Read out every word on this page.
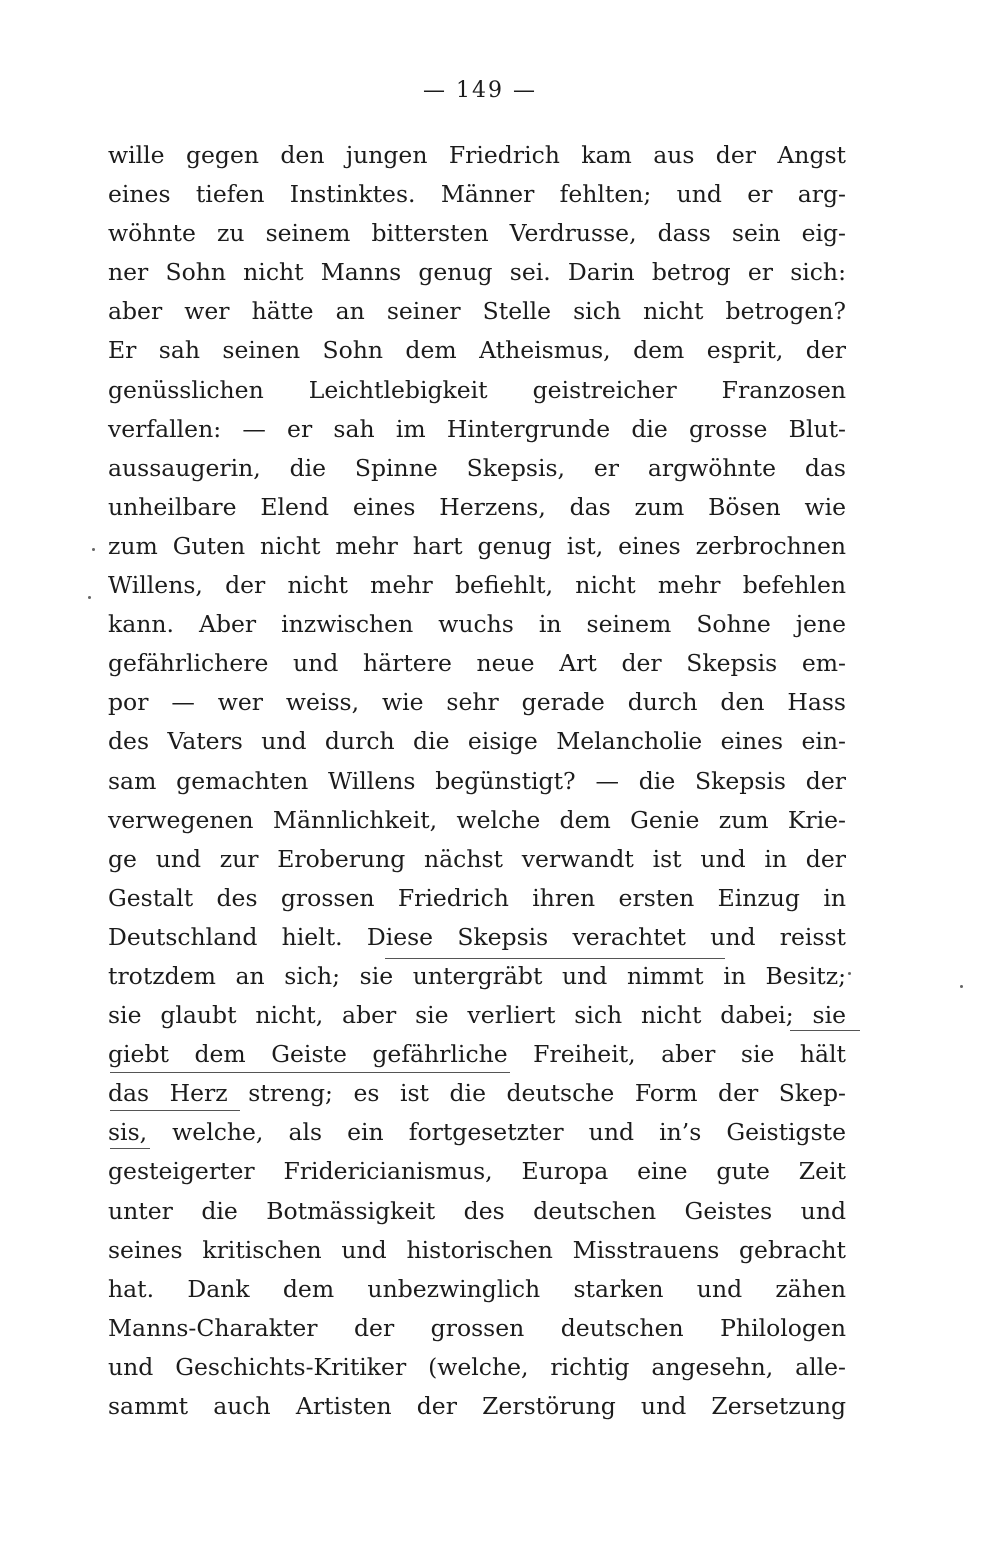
— 149 —
wille gegen den jungen Friedrich kam aus der Angst
eines tiefen Instinktes. Männer fehlten; und er arg-
wöhnte zu seinem bittersten Verdrusse, dass sein eig-
ner Sohn nicht Manns genug sei. Darin betrog er sich:
aber wer hätte an seiner Stelle sich nicht betrogen?
Er sah seinen Sohn dem Atheismus, dem esprit, der
genüsslichen Leichtlebigkeit geistreicher Franzosen
verfallen: — er sah im Hintergrunde die grosse Blut-
aussaugerin, die Spinne Skepsis, er argwöhnte das
unheilbare Elend eines Herzens, das zum Bösen wie
zum Guten nicht mehr hart genug ist, eines zerbrochnen
Willens, der nicht mehr befiehlt, nicht mehr befehlen
kann. Aber inzwischen wuchs in seinem Sohne jene
gefährlichere und härtere neue Art der Skepsis em-
por — wer weiss, wie sehr gerade durch den Hass
des Vaters und durch die eisige Melancholie eines ein-
sam gemachten Willens begünstigt? — die Skepsis der
verwegenen Männlichkeit, welche dem Genie zum Krie-
ge und zur Eroberung nächst verwandt ist und in der
Gestalt des grossen Friedrich ihren ersten Einzug in
Deutschland hielt. Diese Skepsis verachtet und reisst
trotzdem an sich; sie untergräbt und nimmt in Besitz;
sie glaubt nicht, aber sie verliert sich nicht dabei; sie
giebt dem Geiste gefährliche Freiheit, aber sie hält
das Herz streng; es ist die deutsche Form der Skep-
sis, welche, als ein fortgesetzter und in’s Geistigste
gesteigerter Fridericianismus, Europa eine gute Zeit
unter die Botmässigkeit des deutschen Geistes und
seines kritischen und historischen Misstrauens gebracht
hat. Dank dem unbezwinglich starken und zähen
Manns-Charakter der grossen deutschen Philologen
und Geschichts-Kritiker (welche, richtig angesehn, alle-
sammt auch Artisten der Zerstörung und Zersetzung
